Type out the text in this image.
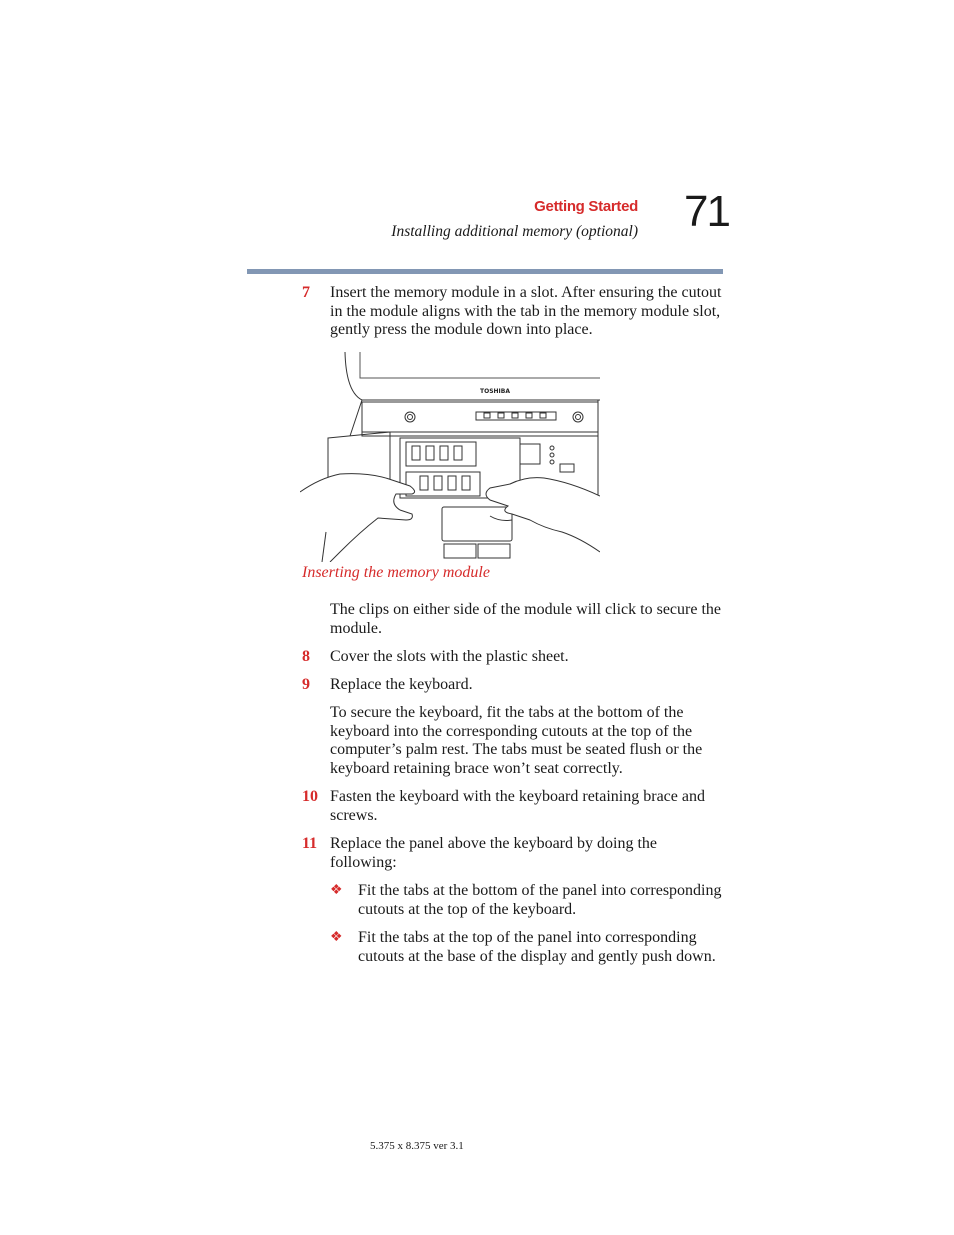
Getting Started
Installing additional memory (optional) 71
7 Insert the memory module in a slot. After ensuring the cutout in the module aligns with the tab in the memory module slot, gently press the module down into place.
TOSHIBA
Inserting the memory module
The clips on either side of the module will click to secure the module.
8 Cover the slots with the plastic sheet.
9 Replace the keyboard.
To secure the keyboard, fit the tabs at the bottom of the keyboard into the corresponding cutouts at the top of the computer’s palm rest. The tabs must be seated flush or the keyboard retaining brace won’t seat correctly.
10 Fasten the keyboard with the keyboard retaining brace and screws.
11 Replace the panel above the keyboard by doing the following:
❖ Fit the tabs at the bottom of the panel into corresponding cutouts at the top of the keyboard.
❖ Fit the tabs at the top of the panel into corresponding cutouts at the base of the display and gently push down.
5.375 x 8.375 ver 3.1
